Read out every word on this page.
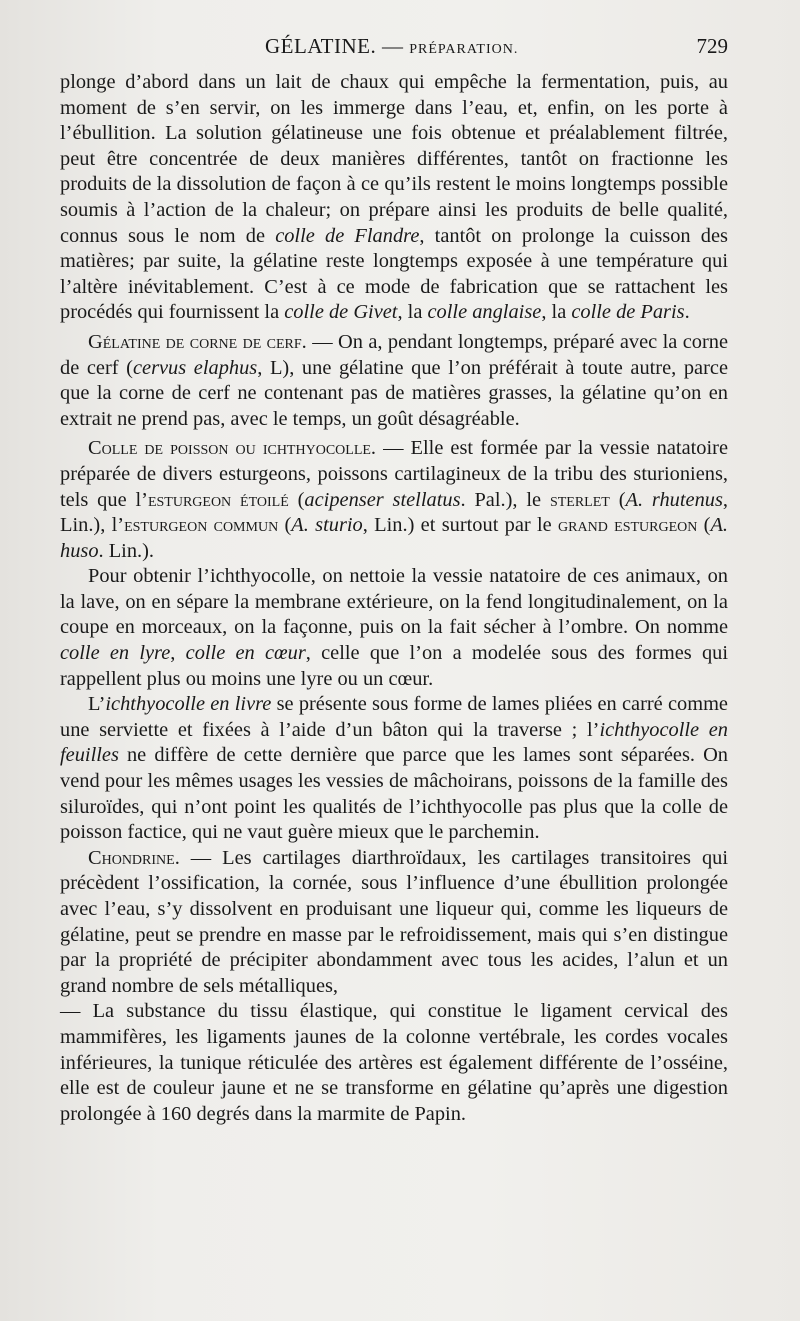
GÉLATINE. — PRÉPARATION.	729

plonge d’abord dans un lait de chaux qui empêche la fermentation, puis, au moment de s’en servir, on les immerge dans l’eau, et, enfin, on les porte à l’ébullition. La solution gélatineuse une fois obtenue et préalablement filtrée, peut être concentrée de deux manières différentes, tantôt on fractionne les produits de la dissolution de façon à ce qu’ils restent le moins longtemps possible soumis à l’action de la chaleur; on prépare ainsi les produits de belle qualité, connus sous le nom de colle de Flandre, tantôt on prolonge la cuisson des matières; par suite, la gélatine reste longtemps exposée à une température qui l’altère inévitablement. C’est à ce mode de fabrication que se rattachent les procédés qui fournissent la colle de Givet, la colle anglaise, la colle de Paris.

Gélatine de corne de cerf. — On a, pendant longtemps, préparé avec la corne de cerf (cervus elaphus, L), une gélatine que l’on préférait à toute autre, parce que la corne de cerf ne contenant pas de matières grasses, la gélatine qu’on en extrait ne prend pas, avec le temps, un goût désagréable.

Colle de poisson ou ichthyocolle. — Elle est formée par la vessie natatoire préparée de divers esturgeons, poissons cartilagineux de la tribu des sturioniens, tels que l’esturgeon étoilé (acipenser stellatus. Pal.), le sterlet (A. rhutenus, Lin.), l’esturgeon commun (A. sturio, Lin.) et surtout par le grand esturgeon (A. huso. Lin.).

Pour obtenir l’ichthyocolle, on nettoie la vessie natatoire de ces animaux, on la lave, on en sépare la membrane extérieure, on la fend longitudinalement, on la coupe en morceaux, on la façonne, puis on la fait sécher à l’ombre. On nomme colle en lyre, colle en cœur, celle que l’on a modelée sous des formes qui rappellent plus ou moins une lyre ou un cœur.

L’ichthyocolle en livre se présente sous forme de lames pliées en carré comme une serviette et fixées à l’aide d’un bâton qui la traverse ; l’ichthyocolle en feuilles ne diffère de cette dernière que parce que les lames sont séparées. On vend pour les mêmes usages les vessies de mâchoirans, poissons de la famille des siluroïdes, qui n’ont point les qualités de l’ichthyocolle pas plus que la colle de poisson factice, qui ne vaut guère mieux que le parchemin.

Chondrine. — Les cartilages diarthroïdaux, les cartilages transitoires qui précèdent l’ossification, la cornée, sous l’influence d’une ébullition prolongée avec l’eau, s’y dissolvent en produisant une liqueur qui, comme les liqueurs de gélatine, peut se prendre en masse par le refroidissement, mais qui s’en distingue par la propriété de précipiter abondamment avec tous les acides, l’alun et un grand nombre de sels métalliques,

— La substance du tissu élastique, qui constitue le ligament cervical des mammifères, les ligaments jaunes de la colonne vertébrale, les cordes vocales inférieures, la tunique réticulée des artères est également différente de l’osséine, elle est de couleur jaune et ne se transforme en gélatine qu’après une digestion prolongée à 160 degrés dans la marmite de Papin.
